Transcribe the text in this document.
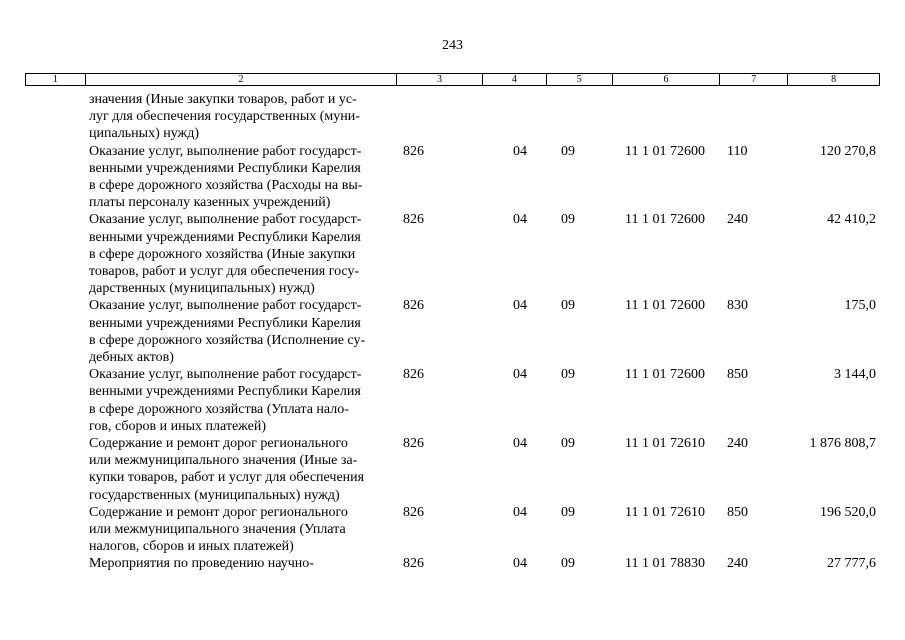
243
1	2	3	4	5	6	7	8
значения (Иные закупки товаров, работ и ус-
луг для обеспечения государственных (муни-
ципальных) нужд)
Оказание услуг, выполнение работ государст-
венными учреждениями Республики Карелия
в сфере дорожного хозяйства (Расходы на вы-
платы персоналу казенных учреждений)
826	04	09	11 1 01 72600	110	120 270,8
Оказание услуг, выполнение работ государст-
венными учреждениями Республики Карелия
в сфере дорожного хозяйства (Иные закупки
товаров, работ и услуг для обеспечения госу-
дарственных (муниципальных) нужд)
826	04	09	11 1 01 72600	240	42 410,2
Оказание услуг, выполнение работ государст-
венными учреждениями Республики Карелия
в сфере дорожного хозяйства (Исполнение су-
дебных актов)
826	04	09	11 1 01 72600	830	175,0
Оказание услуг, выполнение работ государст-
венными учреждениями Республики Карелия
в сфере дорожного хозяйства (Уплата нало-
гов, сборов и иных платежей)
826	04	09	11 1 01 72600	850	3 144,0
Содержание и ремонт дорог регионального
или межмуниципального значения (Иные за-
купки товаров, работ и услуг для обеспечения
государственных (муниципальных) нужд)
826	04	09	11 1 01 72610	240	1 876 808,7
Содержание и ремонт дорог регионального
или межмуниципального значения (Уплата
налогов, сборов и иных платежей)
826	04	09	11 1 01 72610	850	196 520,0
Мероприятия по проведению научно-	826	04	09	11 1 01 78830	240	27 777,6
